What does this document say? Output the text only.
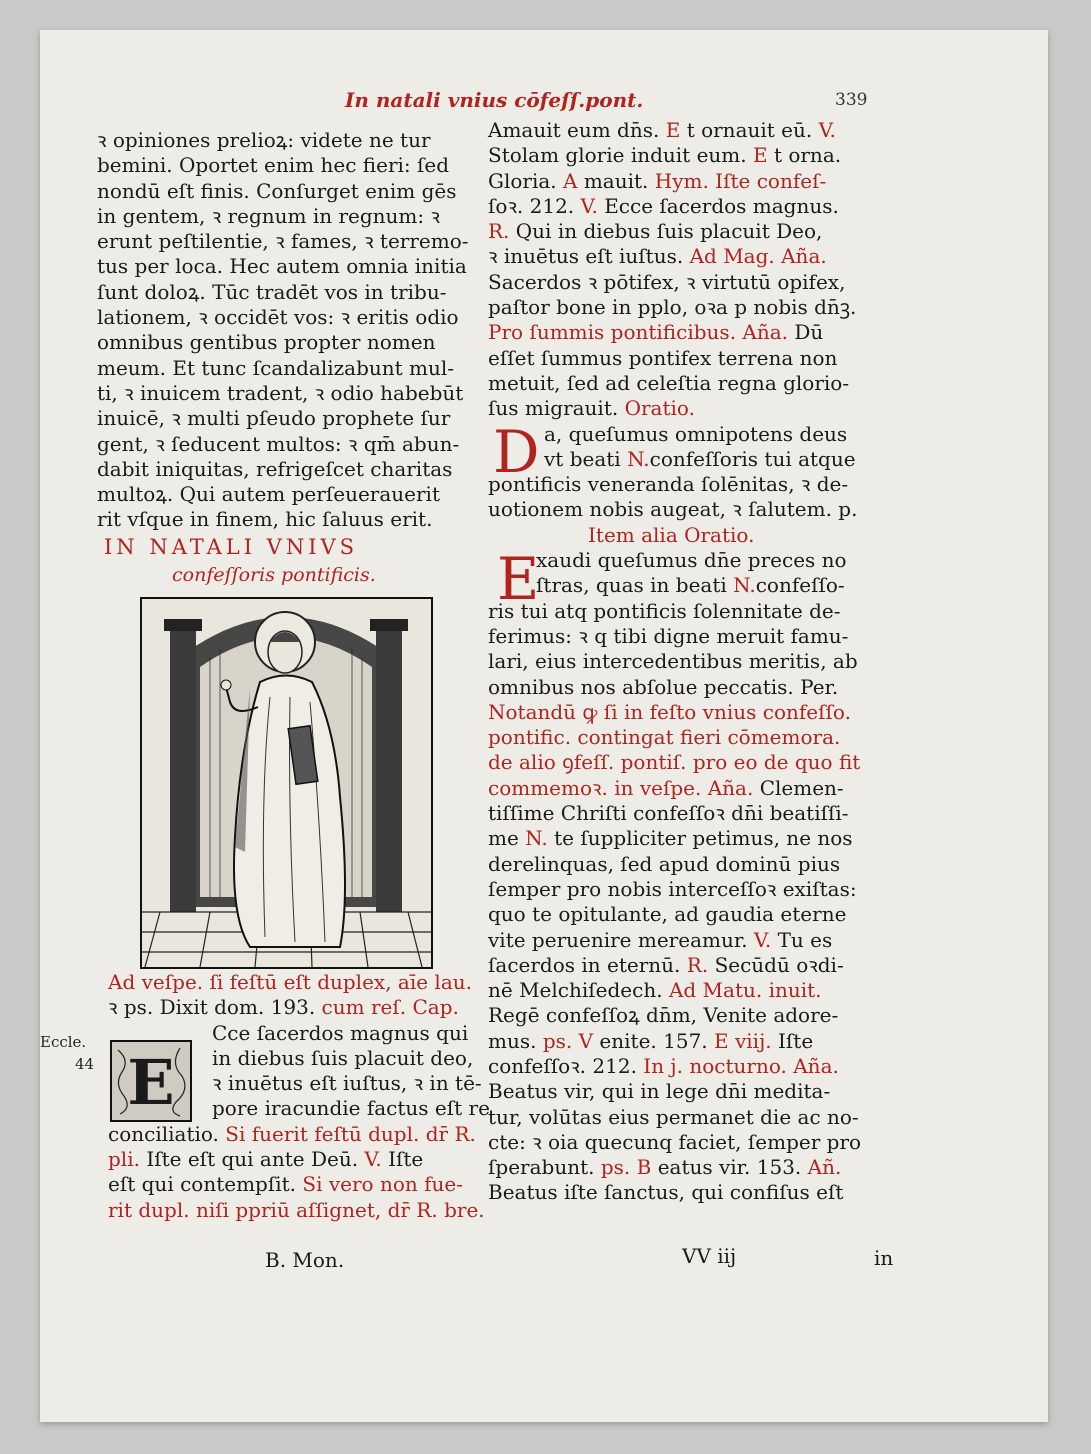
In natali vnius cōfeſſ.pont.	339
ꝛ opiniones prelioꝝ: videte ne tur
bemini. Oportet enim hec fieri: ſed
nondū eſt finis. Conſurget enim gēs
in gentem, ꝛ regnum in regnum: ꝛ
erunt peſtilentie, ꝛ fames, ꝛ terremo-
tus per loca. Hec autem omnia initia
ſunt doloꝝ. Tūc tradēt vos in tribu-
lationem, ꝛ occidēt vos: ꝛ eritis odio
omnibus gentibus propter nomen
meum. Et tunc ſcandalizabunt mul-
ti, ꝛ inuicem tradent, ꝛ odio habebūt
inuicē, ꝛ multi pſeudo prophete ſur
gent, ꝛ ſeducent multos: ꝛ qm̄ abun-
dabit iniquitas, refrigeſcet charitas
multoꝝ. Qui autem perſeuerauerit
rit vſque in finem, hic ſaluus erit.
IN NATALI VNIVS
confeſſoris pontificis.
Ad veſpe. ſi feſtū eſt duplex, aīe lau.
ꝛ ps. Dixit dom. 193. cum reſ. Cap.
Cce ſacerdos magnus qui
in diebus ſuis placuit deo,
ꝛ inuētus eſt iuſtus, ꝛ in tē-
pore iracundie factus eſt re
conciliatio. Si fuerit feſtū dupl. dr̄ R.
pli. Iſte eſt qui ante Deū. V. Iſte
eſt qui contempſit. Si vero non fue-
rit dupl. niſi ppriū aſſignet, dr̄ R. bre.
E
Eccle.
44
B. Mon.
Amauit eum dn̄s. E t ornauit eū. V.
Stolam glorie induit eum. E t orna.
Gloria. A mauit. Hym. Iſte confeſ-
ſoꝛ. 212. V. Ecce ſacerdos magnus.
R. Qui in diebus ſuis placuit Deo,
ꝛ inuētus eſt iuſtus. Ad Mag. Aña.
Sacerdos ꝛ pōtifex, ꝛ virtutū opifex,
paſtor bone in pplo, oꝛa p nobis dn̄ꝫ.
Pro ſummis pontificibus. Aña. Dū
eſſet ſummus pontifex terrena non
metuit, ſed ad celeſtia regna glorio-
ſus migrauit. Oratio.
a, queſumus omnipotens deus
vt beati N.confeſſoris tui atque
pontificis veneranda ſolēnitas, ꝛ de-
uotionem nobis augeat, ꝛ ſalutem. p.
Item alia Oratio.
xaudi queſumus dn̄e preces no
ſtras, quas in beati N.confeſſo-
ris tui atq pontificis ſolennitate de-
ferimus: ꝛ q tibi digne meruit famu-
lari, eius intercedentibus meritis, ab
omnibus nos abſolue peccatis. Per.
Notandū ꝙ ſi in feſto vnius confeſſo.
pontific. contingat fieri cōmemora.
de alio ꝯfeſſ. pontiſ. pro eo de quo fit
commemoꝛ. in veſpe. Aña. Clemen-
tiſſime Chriſti confeſſoꝛ dn̄i beatiſſi-
me N. te ſuppliciter petimus, ne nos
derelinquas, ſed apud dominū pius
ſemper pro nobis interceſſoꝛ exiſtas:
quo te opitulante, ad gaudia eterne
vite peruenire mereamur. V. Tu es
ſacerdos in eternū. R. Secūdū oꝛdi-
nē Melchiſedech. Ad Matu. inuit.
Regē confeſſoꝝ dn̄m, Venite adore-
mus. ps. V enite. 157. E viij. Iſte
confeſſoꝛ. 212. In j. nocturno. Aña.
Beatus vir, qui in lege dn̄i medita-
tur, volūtas eius permanet die ac no-
cte: ꝛ oia quecunq faciet, ſemper pro
ſperabunt. ps. B eatus vir. 153. Añ.
Beatus iſte ſanctus, qui confiſus eſt
D
E
VV iij	in
